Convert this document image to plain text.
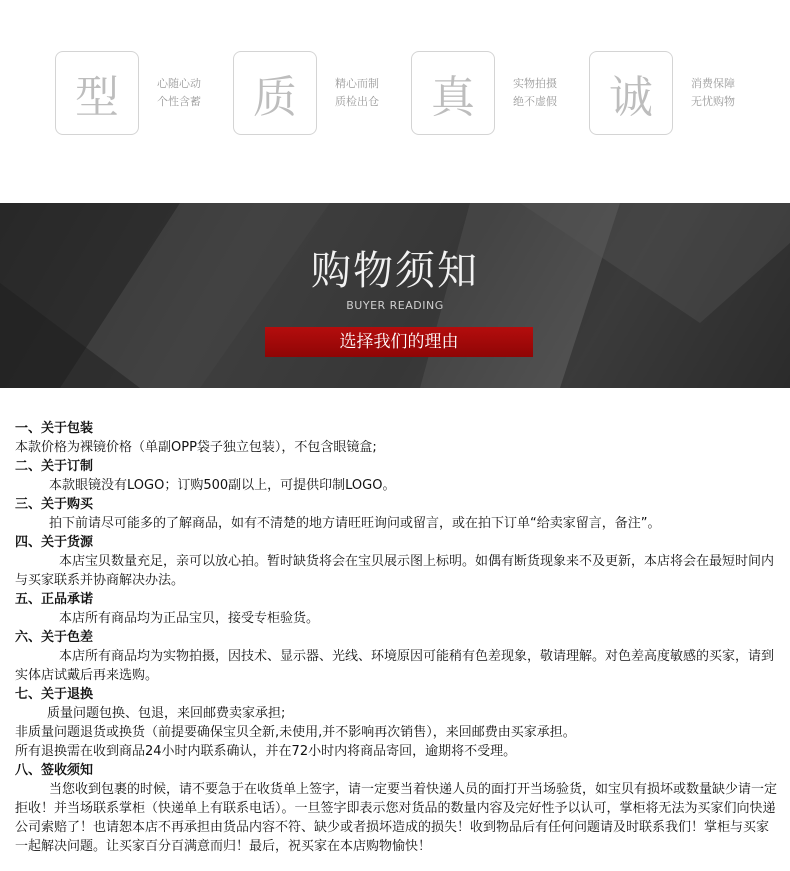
型	心随心动
个性含蓄	质	精心而制
质检出仓	真	实物拍摄
绝不虚假	诚	消费保障
无忧购物
购物须知
BUYER READING
选择我们的理由

一、关于包装

本款价格为裸镜价格（单副OPP袋子独立包装），不包含眼镜盒;

二、关于订制

本款眼镜没有LOGO；订购500副以上，可提供印制LOGO。

三、关于购买

拍下前请尽可能多的了解商品，如有不清楚的地方请旺旺询问或留言，或在拍下订单“给卖家留言，备注”。

四、关于货源

本店宝贝数量充足，亲可以放心拍。暂时缺货将会在宝贝展示图上标明。如偶有断货现象来不及更新，本店将会在最短时间内与买家联系并协商解决办法。

五、正品承诺

本店所有商品均为正品宝贝，接受专柜验货。

六、关于色差

本店所有商品均为实物拍摄，因技术、显示器、光线、环境原因可能稍有色差现象，敬请理解。对色差高度敏感的买家，请到实体店试戴后再来选购。

七、关于退换

质量问题包换、包退，来回邮费卖家承担;

非质量问题退货或换货（前提要确保宝贝全新,未使用,并不影响再次销售），来回邮费由买家承担。

所有退换需在收到商品24小时内联系确认，并在72小时内将商品寄回，逾期将不受理。

八、签收须知

当您收到包裹的时候，请不要急于在收货单上签字，请一定要当着快递人员的面打开当场验货，如宝贝有损坏或数量缺少请一定拒收！并当场联系掌柜（快递单上有联系电话）。一旦签字即表示您对货品的数量内容及完好性予以认可，掌柜将无法为买家们向快递公司索赔了！也请恕本店不再承担由货品内容不符、缺少或者损坏造成的损失！收到物品后有任何问题请及时联系我们！掌柜与买家一起解决问题。让买家百分百满意而归！最后，祝买家在本店购物愉快！
